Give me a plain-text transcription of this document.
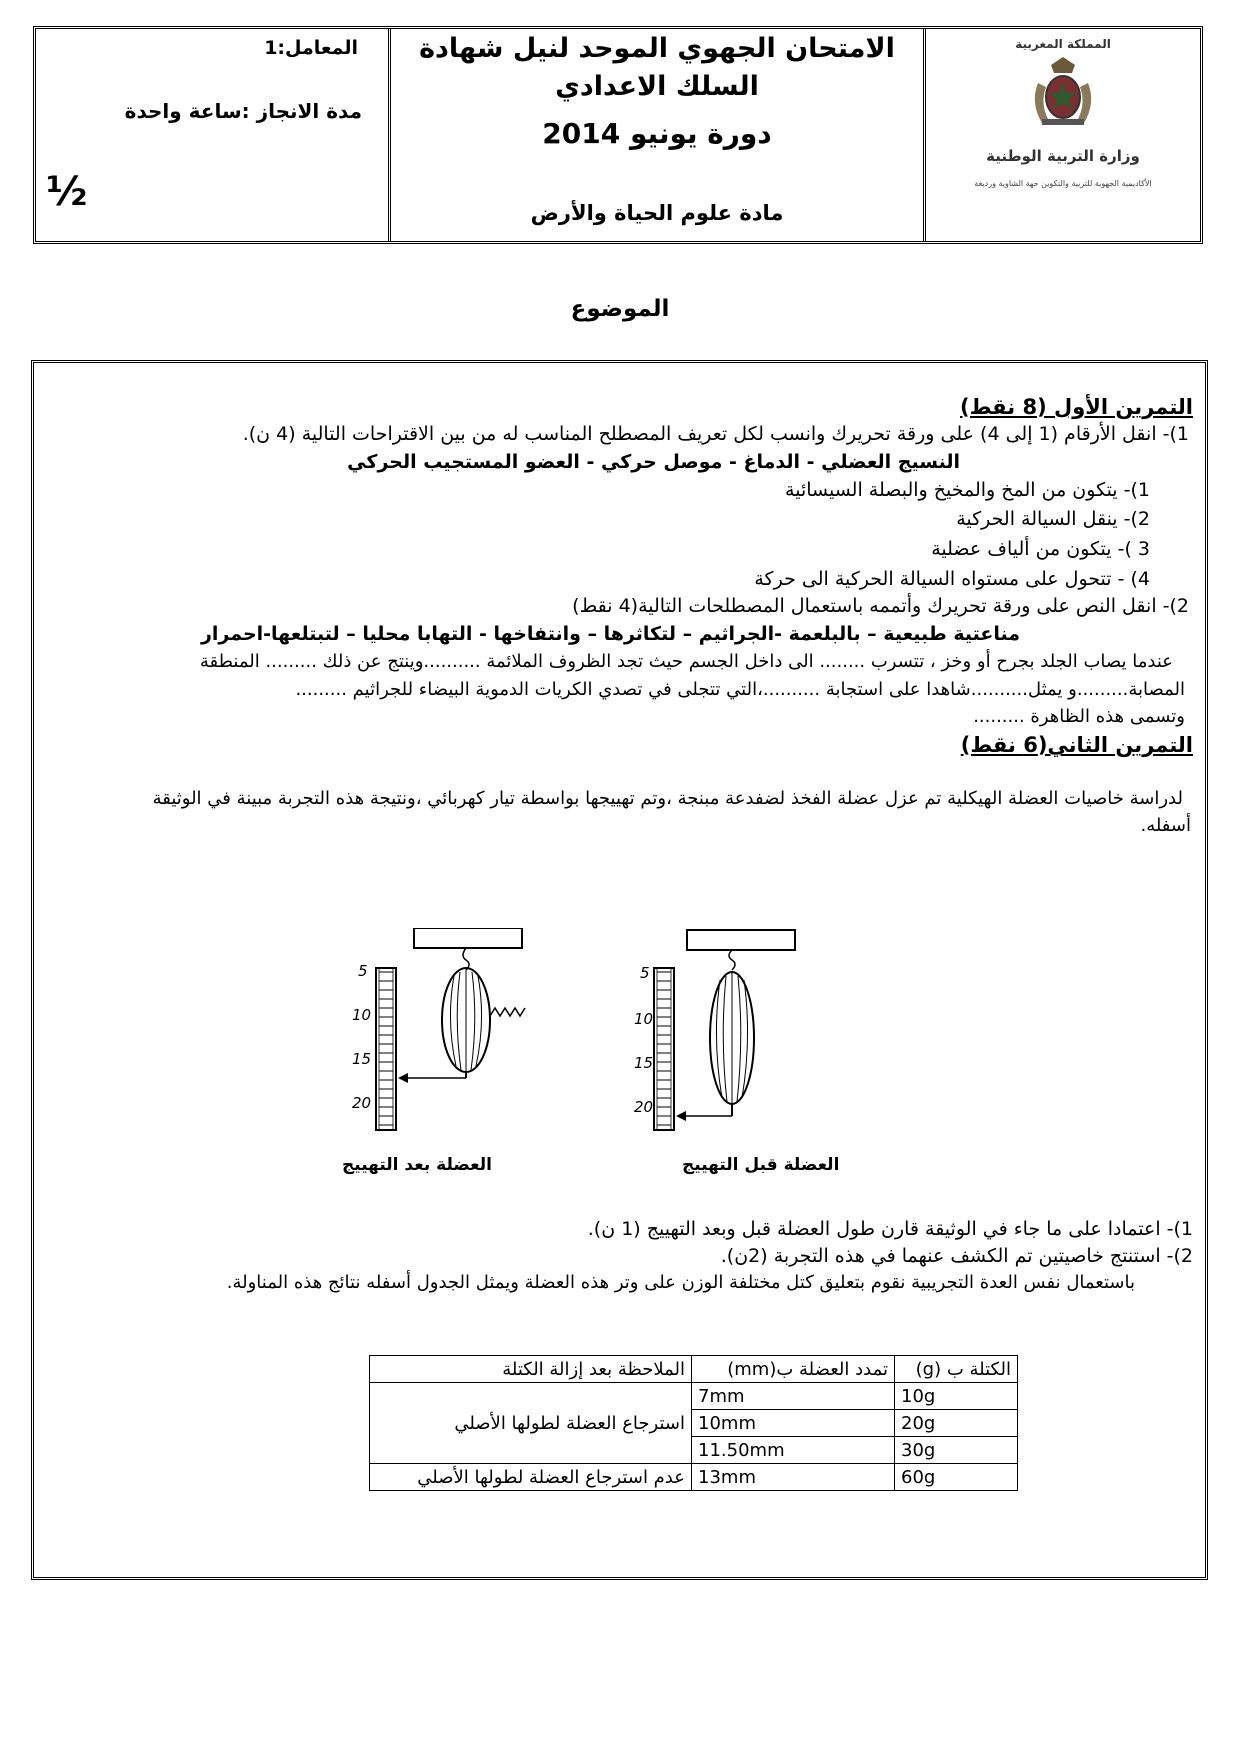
المعامل:1
مدة الانجاز :ساعة واحدة
½
الامتحان الجهوي الموحد لنيل شهادة
السلك الاعدادي
دورة يونيو 2014
مادة علوم الحياة والأرض
المملكة المغربية
وزارة التربية الوطنية
الأكاديمية الجهوية للتربية والتكوين جهة الشاوية ورديغة
الموضوع
التمرين الأول (8 نقط)
1)- انقل الأرقام (1 إلى 4) على ورقة تحريرك وانسب لكل تعريف المصطلح المناسب له من بين الاقتراحات التالية (4 ن).
النسيج العضلي - الدماغ - موصل حركي - العضو المستجيب الحركي
1)- يتكون من المخ والمخيخ والبصلة السيسائية
2)- ينقل السيالة الحركية
3 )- يتكون من ألياف عضلية
4) - تتحول على مستواه السيالة الحركية الى حركة
2)- انقل النص على ورقة تحريرك وأتممه باستعمال المصطلحات التالية(4 نقط)
مناعتية طبيعية – بالبلعمة -الجراثيم – لتكاثرها – وانتفاخها - التهابا محليا – لتبتلعها-احمرار
عندما يصاب الجلد بجرح أو وخز ، تتسرب ........ الى داخل الجسم حيث تجد الظروف الملائمة ..........وينتج عن ذلك ......... المنطقة
المصابة.........و يمثل..........شاهدا على استجابة ..........،التي تتجلى في تصدي الكريات الدموية البيضاء للجراثيم .........
وتسمى هذه الظاهرة .........
التمرين الثاني(6 نقط)
لدراسة خاصيات العضلة الهيكلية تم عزل عضلة الفخذ لضفدعة مبنجة ،وتم تهييجها بواسطة تيار كهربائي ،ونتيجة هذه التجربة مبينة في الوثيقة
أسفله.
5
10
15
20
5
10
15
20
العضلة بعد التهييج	العضلة قبل التهييج
1)- اعتمادا على ما جاء في الوثيقة قارن طول العضلة قبل وبعد التهييج (1 ن).
2)- استنتج خاصيتين تم الكشف عنهما في هذه التجربة (2ن).
باستعمال نفس العدة التجريبية نقوم بتعليق كتل مختلفة الوزن على وتر هذه العضلة ويمثل الجدول أسفله نتائج هذه المناولة.
الكتلة ب (g)	تمدد العضلة ب(mm)	الملاحظة بعد إزالة الكتلة
10g	7mm	استرجاع العضلة لطولها الأصلي
20g	10mm	
30g	11.50mm	
60g	13mm	عدم استرجاع العضلة لطولها الأصلي
